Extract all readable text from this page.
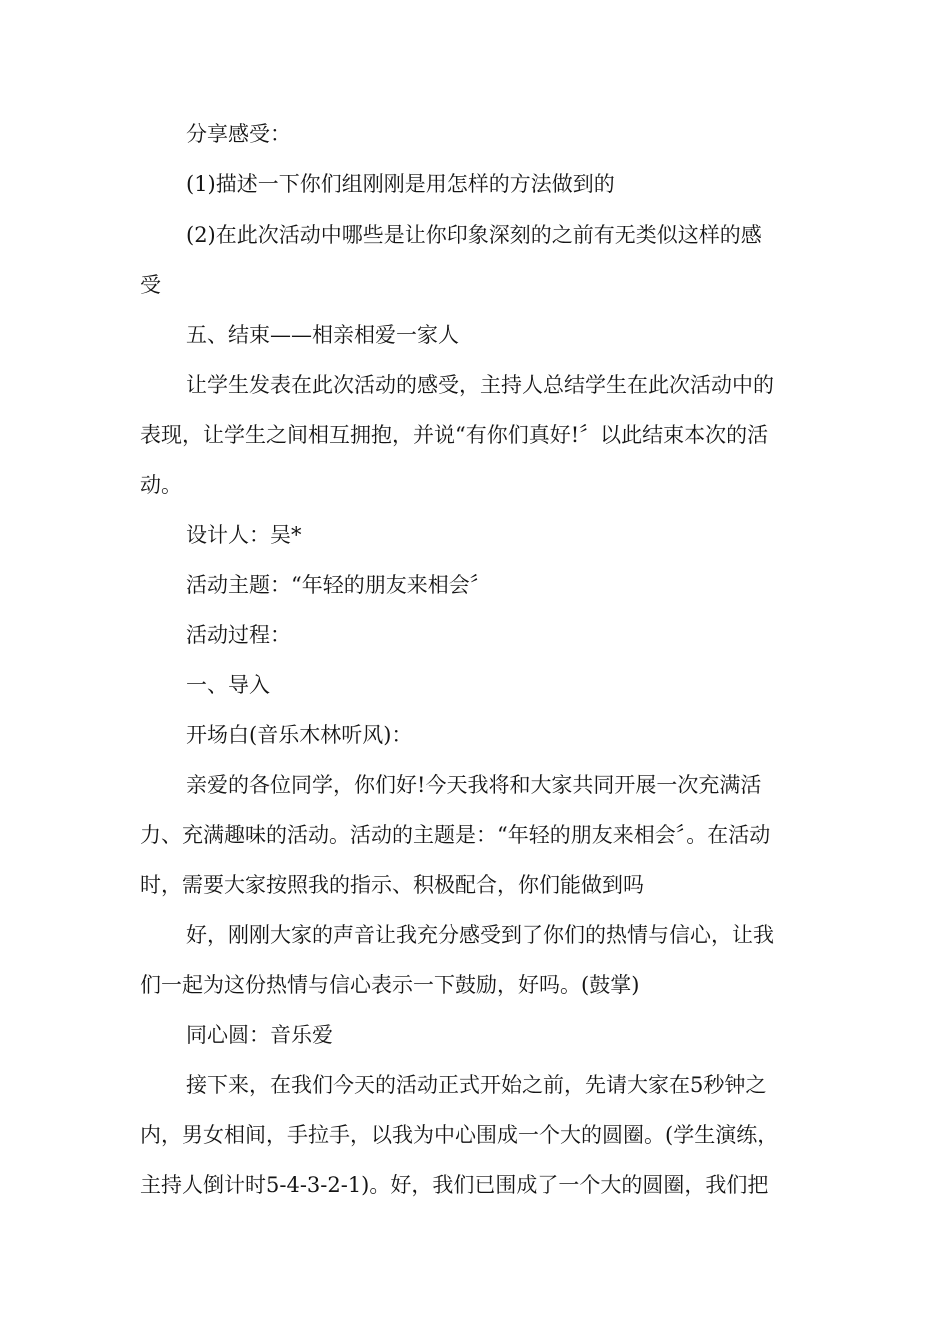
分享感受：
(1)描述一下你们组刚刚是用怎样的方法做到的
(2)在此次活动中哪些是让你印象深刻的之前有无类似这样的感
受
五、结束——相亲相爱一家人
让学生发表在此次活动的感受，主持人总结学生在此次活动中的
表现，让学生之间相互拥抱，并说“有你们真好!〞以此结束本次的活
动。
设计人：吴*
活动主题：“年轻的朋友来相会〞
活动过程：
一、导入
开场白(音乐木林听风)：
亲爱的各位同学，你们好!今天我将和大家共同开展一次充满活
力、充满趣味的活动。活动的主题是：“年轻的朋友来相会〞。在活动
时，需要大家按照我的指示、积极配合，你们能做到吗
好，刚刚大家的声音让我充分感受到了你们的热情与信心，让我
们一起为这份热情与信心表示一下鼓励，好吗。(鼓掌)
同心圆：音乐爱
接下来，在我们今天的活动正式开始之前，先请大家在5秒钟之
内，男女相间，手拉手，以我为中心围成一个大的圆圈。(学生演练，
主持人倒计时5-4-3-2-1)。好，我们已围成了一个大的圆圈，我们把
